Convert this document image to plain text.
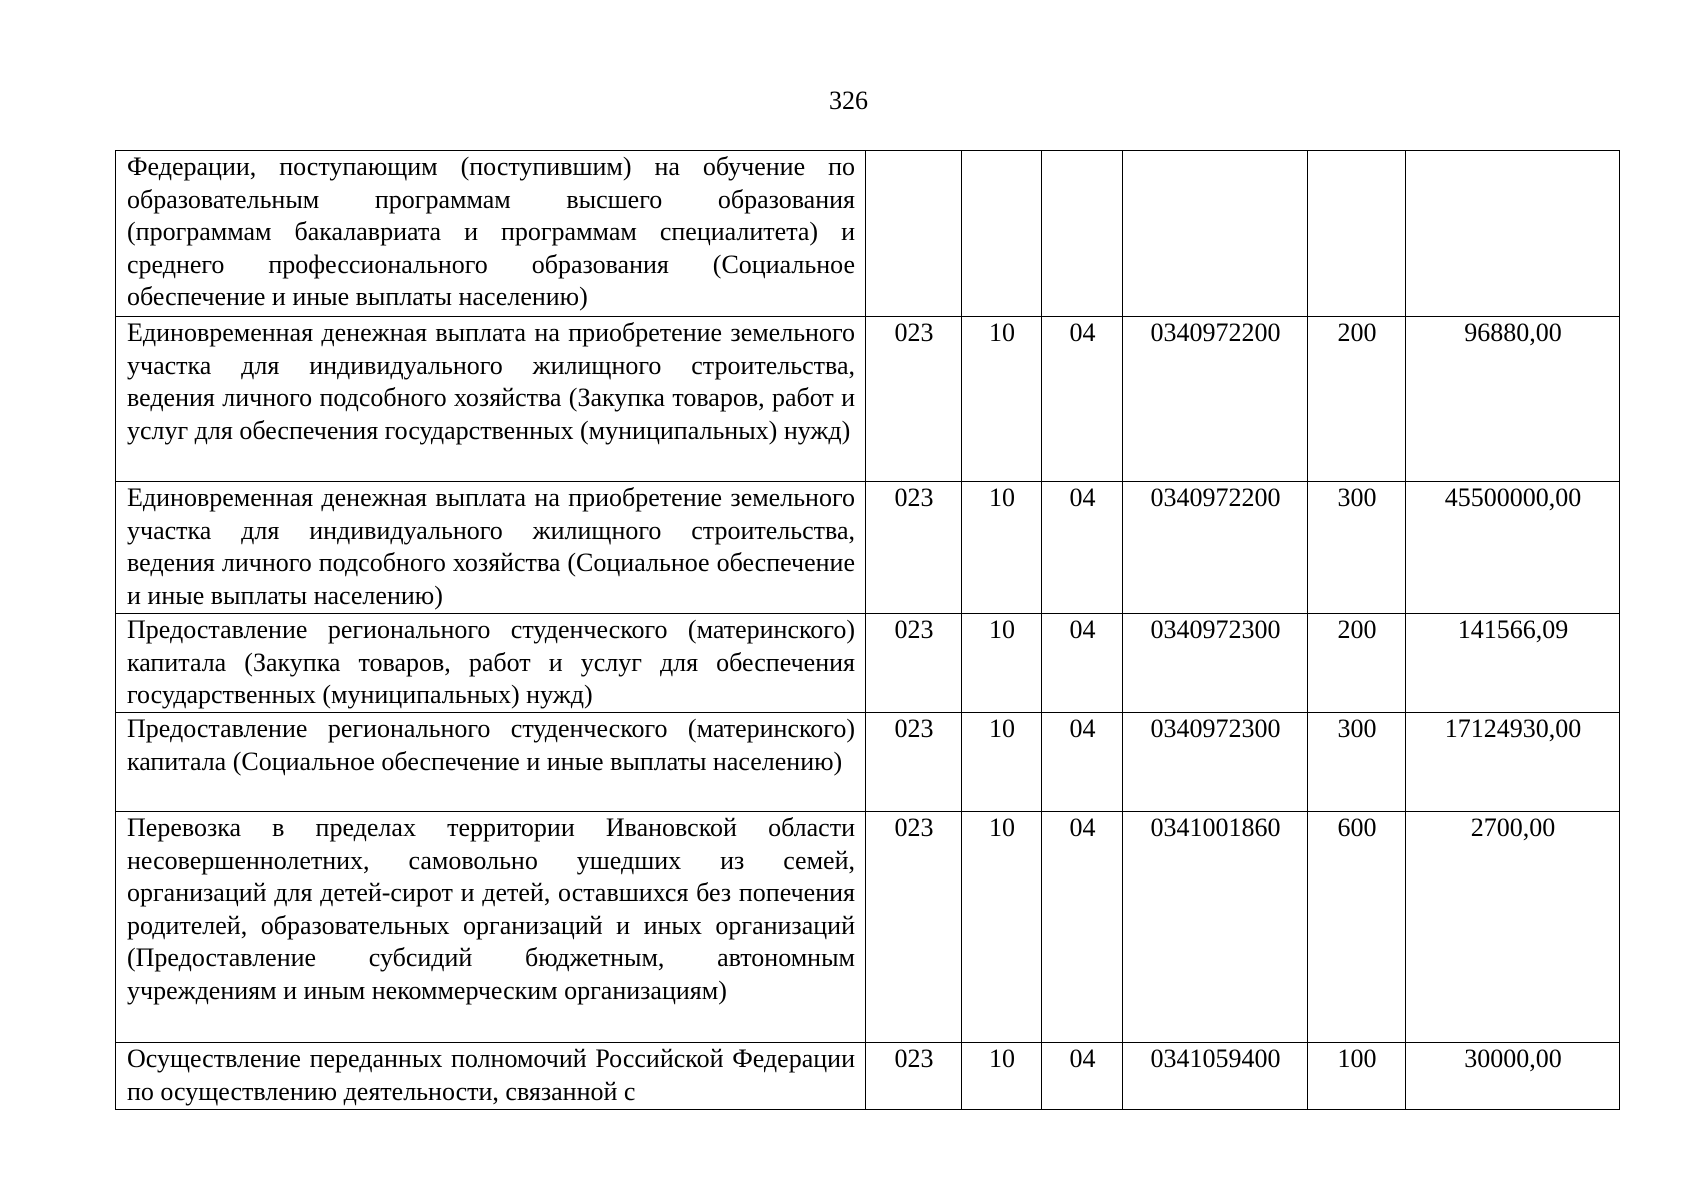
326
Федерации, поступающим (поступившим) на обучение по образовательным программам высшего образования (программам бакалавриата и программам специалитета) и среднего профессионального образования (Социальное обеспечение и иные выплаты населению)						
Единовременная денежная выплата на приобретение земельного участка для индивидуального жилищного строительства, ведения личного подсобного хозяйства (Закупка товаров, работ и услуг для обеспечения государственных (муниципальных) нужд)	023	10	04	0340972200	200	96880,00
Единовременная денежная выплата на приобретение земельного участка для индивидуального жилищного строительства, ведения личного подсобного хозяйства (Социальное обеспечение и иные выплаты населению)	023	10	04	0340972200	300	45500000,00
Предоставление регионального студенческого (материнского) капитала (Закупка товаров, работ и услуг для обеспечения государственных (муниципальных) нужд)	023	10	04	0340972300	200	141566,09
Предоставление регионального студенческого (материнского) капитала (Социальное обеспечение и иные выплаты населению)	023	10	04	0340972300	300	17124930,00
Перевозка в пределах территории Ивановской области несовершеннолетних, самовольно ушедших из семей, организаций для детей-сирот и детей, оставшихся без попечения родителей, образовательных организаций и иных организаций (Предоставление субсидий бюджетным, автономным учреждениям и иным некоммерческим организациям)	023	10	04	0341001860	600	2700,00
Осуществление переданных полномочий Российской Федерации по осуществлению деятельности, связанной с	023	10	04	0341059400	100	30000,00
